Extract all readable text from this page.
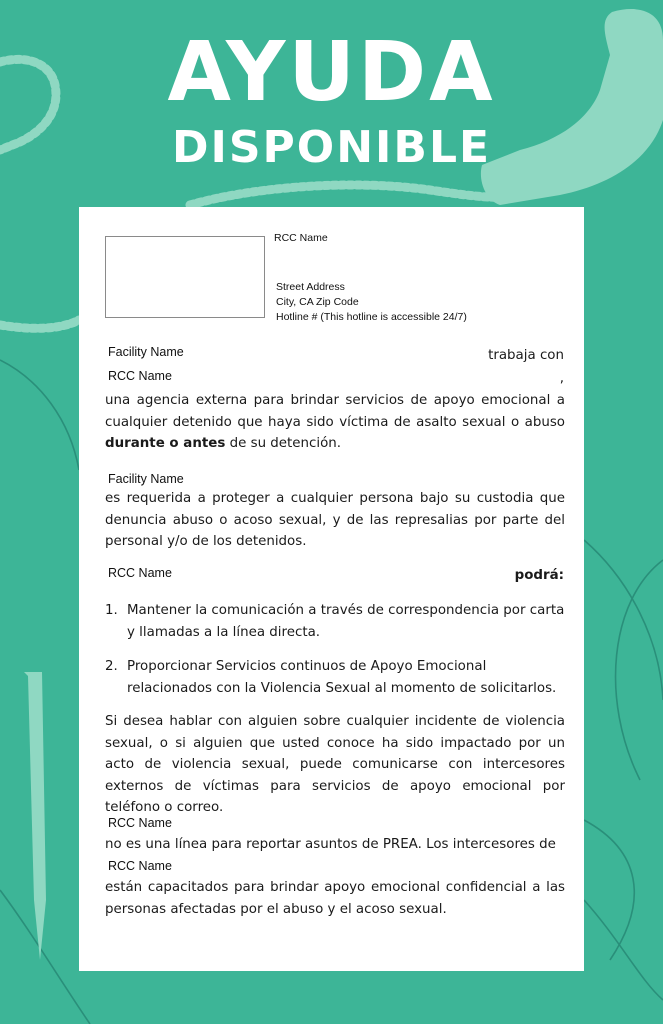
AYUDA
DISPONIBLE
RCC Name
Street Address
City, CA Zip Code
Hotline # (This hotline is accessible 24/7)
Facility Name	trabaja con
RCC Name	,

una agencia externa para brindar servicios de apoyo emocional a cualquier detenido que haya sido víctima de asalto sexual o abuso durante o antes de su detención.

Facility Name

es requerida a proteger a cualquier persona bajo su custodia que denuncia abuso o acoso sexual, y de las represalias por parte del personal y/o de los detenidos.

RCC Name	podrá:
1. Mantener la comunicación a través de correspondencia por carta y llamadas a la línea directa.
2. Proporcionar Servicios continuos de Apoyo Emocional relacionados con la Violencia Sexual al momento de solicitarlos.

Si desea hablar con alguien sobre cualquier incidente de violencia sexual, o si alguien que usted conoce ha sido impactado por un acto de violencia sexual, puede comunicarse con intercesores externos de víctimas para servicios de apoyo emocional por teléfono o correo.

RCC Name

no es una línea para reportar asuntos de PREA. Los intercesores de

RCC Name

están capacitados para brindar apoyo emocional confidencial a las personas afectadas por el abuso y el acoso sexual.
